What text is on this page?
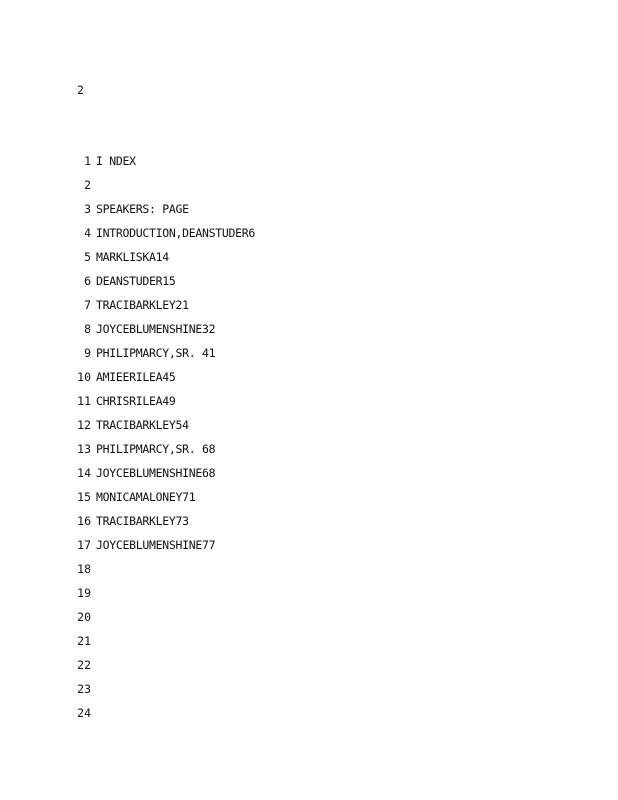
2
1 I NDEX
2
3 SPEAKERS: PAGE
4 INTRODUCTION,DEANSTUDER6
5 MARKLISKA14
6 DEANSTUDER15
7 TRACIBARKLEY21
8 JOYCEBLUMENSHINE32
9 PHILIPMARCY,SR. 41
10 AMIEERILEA45
11 CHRISRILEA49
12 TRACIBARKLEY54
13 PHILIPMARCY,SR. 68
14 JOYCEBLUMENSHINE68
15 MONICAMALONEY71
16 TRACIBARKLEY73
17 JOYCEBLUMENSHINE77
18
19
20
21
22
23
24
